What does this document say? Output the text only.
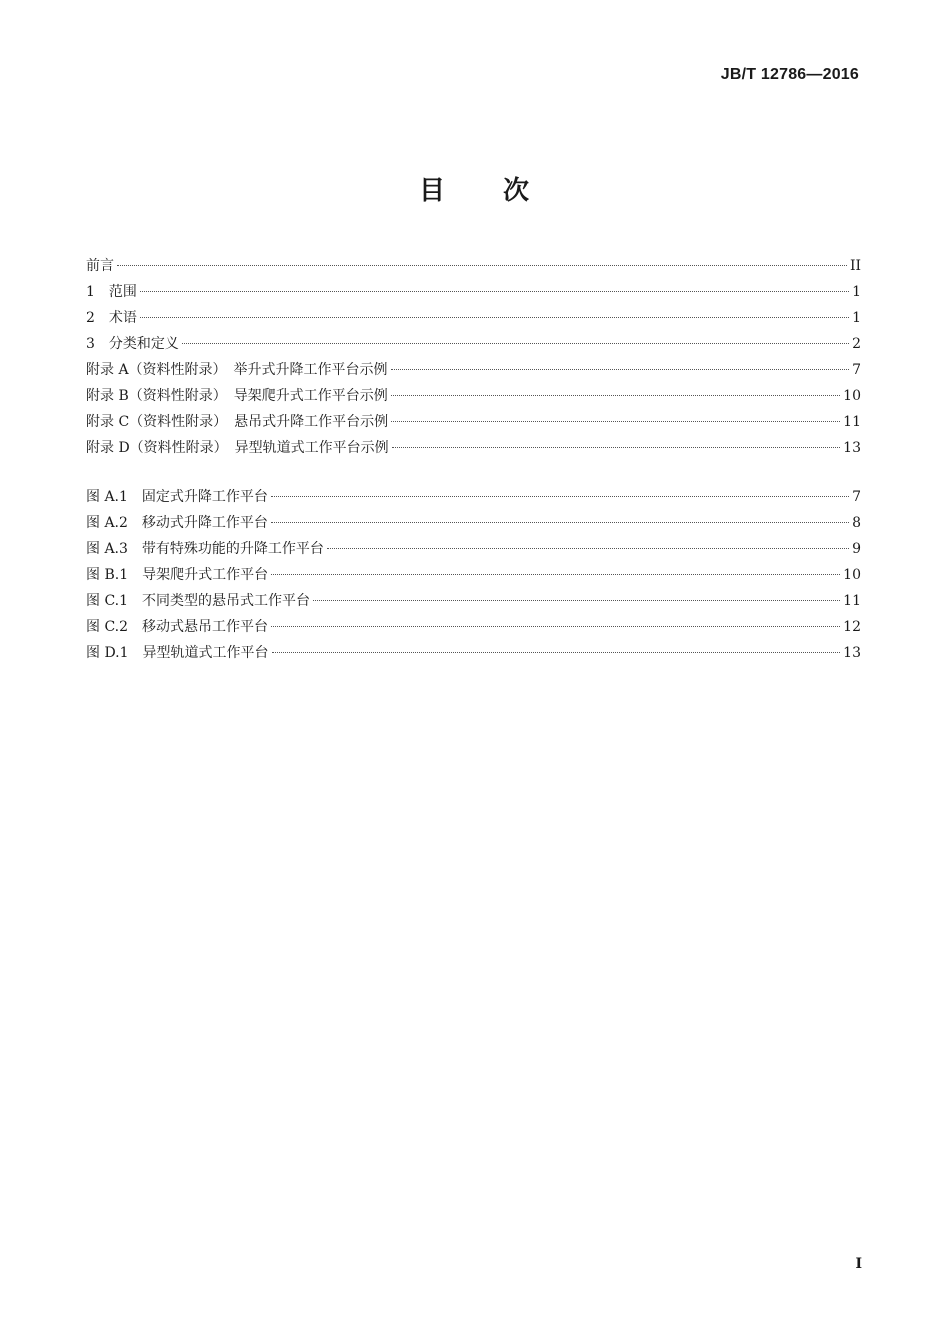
JB/T 12786—2016
目 次
前言	II
1　范围	1
2　术语	1
3　分类和定义	2
附录 A（资料性附录）　举升式升降工作平台示例	7
附录 B（资料性附录）　导架爬升式工作平台示例	10
附录 C（资料性附录）　悬吊式升降工作平台示例	11
附录 D（资料性附录）　异型轨道式工作平台示例	13
图 A.1　固定式升降工作平台	7
图 A.2　移动式升降工作平台	8
图 A.3　带有特殊功能的升降工作平台	9
图 B.1　导架爬升式工作平台	10
图 C.1　不同类型的悬吊式工作平台	11
图 C.2　移动式悬吊工作平台	12
图 D.1　异型轨道式工作平台	13
I
